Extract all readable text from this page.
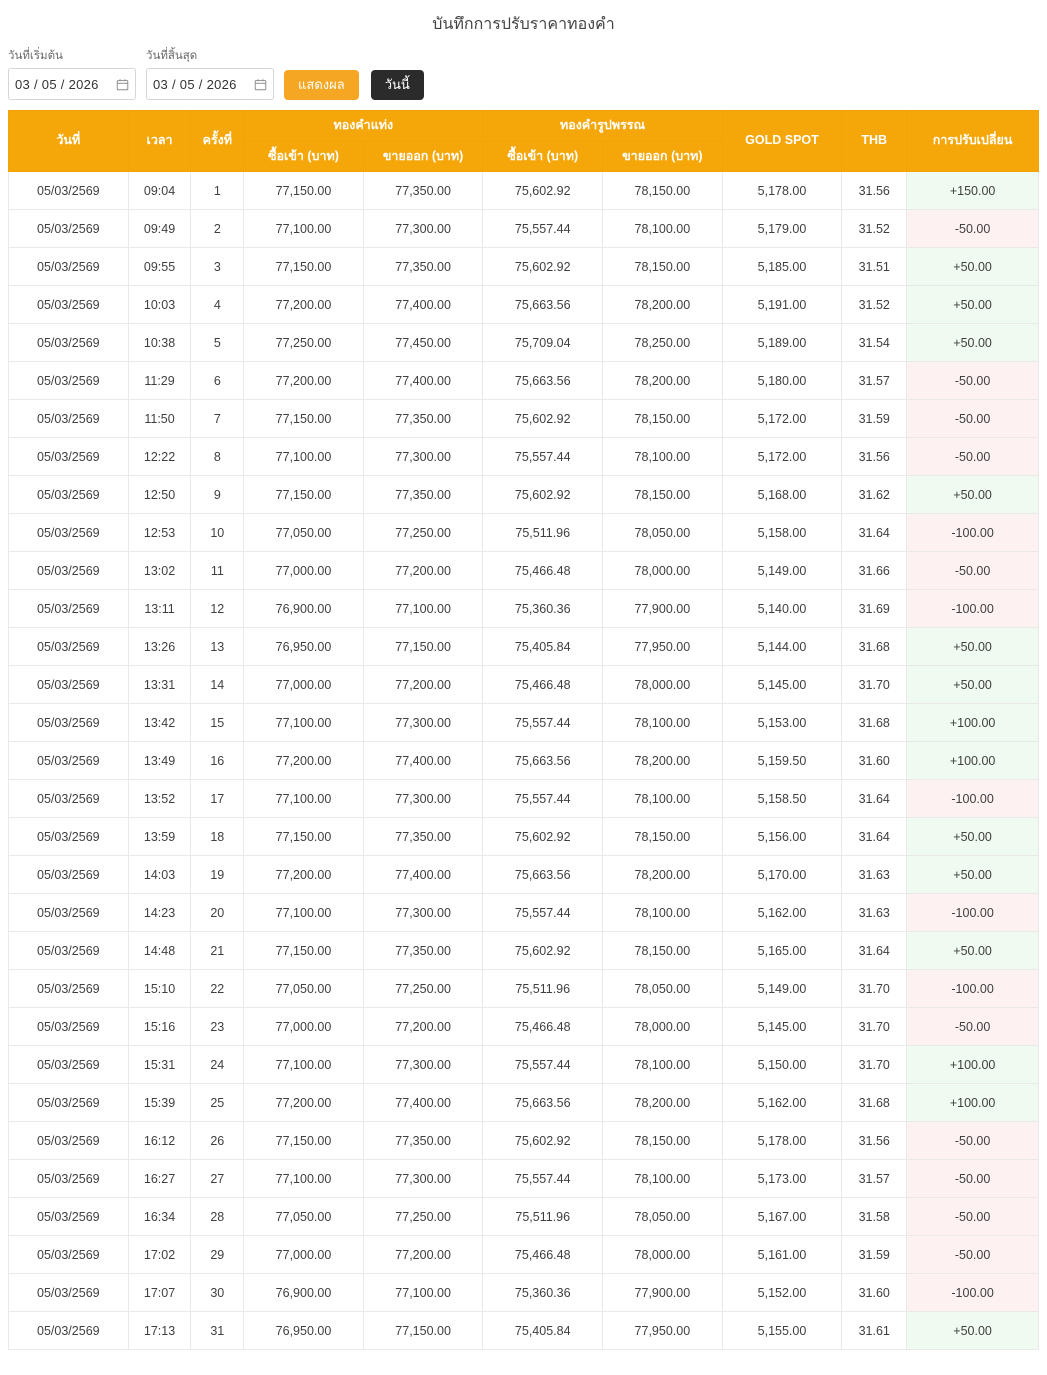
บันทึกการปรับราคาทองคำ
วันที่เริ่มต้น
03 / 05 / 2026
วันที่สิ้นสุด
03 / 05 / 2026	แสดงผล	วันนี้
วันที่	เวลา	ครั้งที่	ทองคำแท่ง		ทองคำรูปพรรณ		GOLD SPOT	THB	การปรับเปลี่ยน
			ซื้อเข้า (บาท)	ขายออก (บาท)	ซื้อเข้า (บาท)	ขายออก (บาท)			
05/03/2569	09:04	1	77,150.00	77,350.00	75,602.92	78,150.00	5,178.00	31.56	+150.00
05/03/2569	09:49	2	77,100.00	77,300.00	75,557.44	78,100.00	5,179.00	31.52	-50.00
05/03/2569	09:55	3	77,150.00	77,350.00	75,602.92	78,150.00	5,185.00	31.51	+50.00
05/03/2569	10:03	4	77,200.00	77,400.00	75,663.56	78,200.00	5,191.00	31.52	+50.00
05/03/2569	10:38	5	77,250.00	77,450.00	75,709.04	78,250.00	5,189.00	31.54	+50.00
05/03/2569	11:29	6	77,200.00	77,400.00	75,663.56	78,200.00	5,180.00	31.57	-50.00
05/03/2569	11:50	7	77,150.00	77,350.00	75,602.92	78,150.00	5,172.00	31.59	-50.00
05/03/2569	12:22	8	77,100.00	77,300.00	75,557.44	78,100.00	5,172.00	31.56	-50.00
05/03/2569	12:50	9	77,150.00	77,350.00	75,602.92	78,150.00	5,168.00	31.62	+50.00
05/03/2569	12:53	10	77,050.00	77,250.00	75,511.96	78,050.00	5,158.00	31.64	-100.00
05/03/2569	13:02	11	77,000.00	77,200.00	75,466.48	78,000.00	5,149.00	31.66	-50.00
05/03/2569	13:11	12	76,900.00	77,100.00	75,360.36	77,900.00	5,140.00	31.69	-100.00
05/03/2569	13:26	13	76,950.00	77,150.00	75,405.84	77,950.00	5,144.00	31.68	+50.00
05/03/2569	13:31	14	77,000.00	77,200.00	75,466.48	78,000.00	5,145.00	31.70	+50.00
05/03/2569	13:42	15	77,100.00	77,300.00	75,557.44	78,100.00	5,153.00	31.68	+100.00
05/03/2569	13:49	16	77,200.00	77,400.00	75,663.56	78,200.00	5,159.50	31.60	+100.00
05/03/2569	13:52	17	77,100.00	77,300.00	75,557.44	78,100.00	5,158.50	31.64	-100.00
05/03/2569	13:59	18	77,150.00	77,350.00	75,602.92	78,150.00	5,156.00	31.64	+50.00
05/03/2569	14:03	19	77,200.00	77,400.00	75,663.56	78,200.00	5,170.00	31.63	+50.00
05/03/2569	14:23	20	77,100.00	77,300.00	75,557.44	78,100.00	5,162.00	31.63	-100.00
05/03/2569	14:48	21	77,150.00	77,350.00	75,602.92	78,150.00	5,165.00	31.64	+50.00
05/03/2569	15:10	22	77,050.00	77,250.00	75,511.96	78,050.00	5,149.00	31.70	-100.00
05/03/2569	15:16	23	77,000.00	77,200.00	75,466.48	78,000.00	5,145.00	31.70	-50.00
05/03/2569	15:31	24	77,100.00	77,300.00	75,557.44	78,100.00	5,150.00	31.70	+100.00
05/03/2569	15:39	25	77,200.00	77,400.00	75,663.56	78,200.00	5,162.00	31.68	+100.00
05/03/2569	16:12	26	77,150.00	77,350.00	75,602.92	78,150.00	5,178.00	31.56	-50.00
05/03/2569	16:27	27	77,100.00	77,300.00	75,557.44	78,100.00	5,173.00	31.57	-50.00
05/03/2569	16:34	28	77,050.00	77,250.00	75,511.96	78,050.00	5,167.00	31.58	-50.00
05/03/2569	17:02	29	77,000.00	77,200.00	75,466.48	78,000.00	5,161.00	31.59	-50.00
05/03/2569	17:07	30	76,900.00	77,100.00	75,360.36	77,900.00	5,152.00	31.60	-100.00
05/03/2569	17:13	31	76,950.00	77,150.00	75,405.84	77,950.00	5,155.00	31.61	+50.00
